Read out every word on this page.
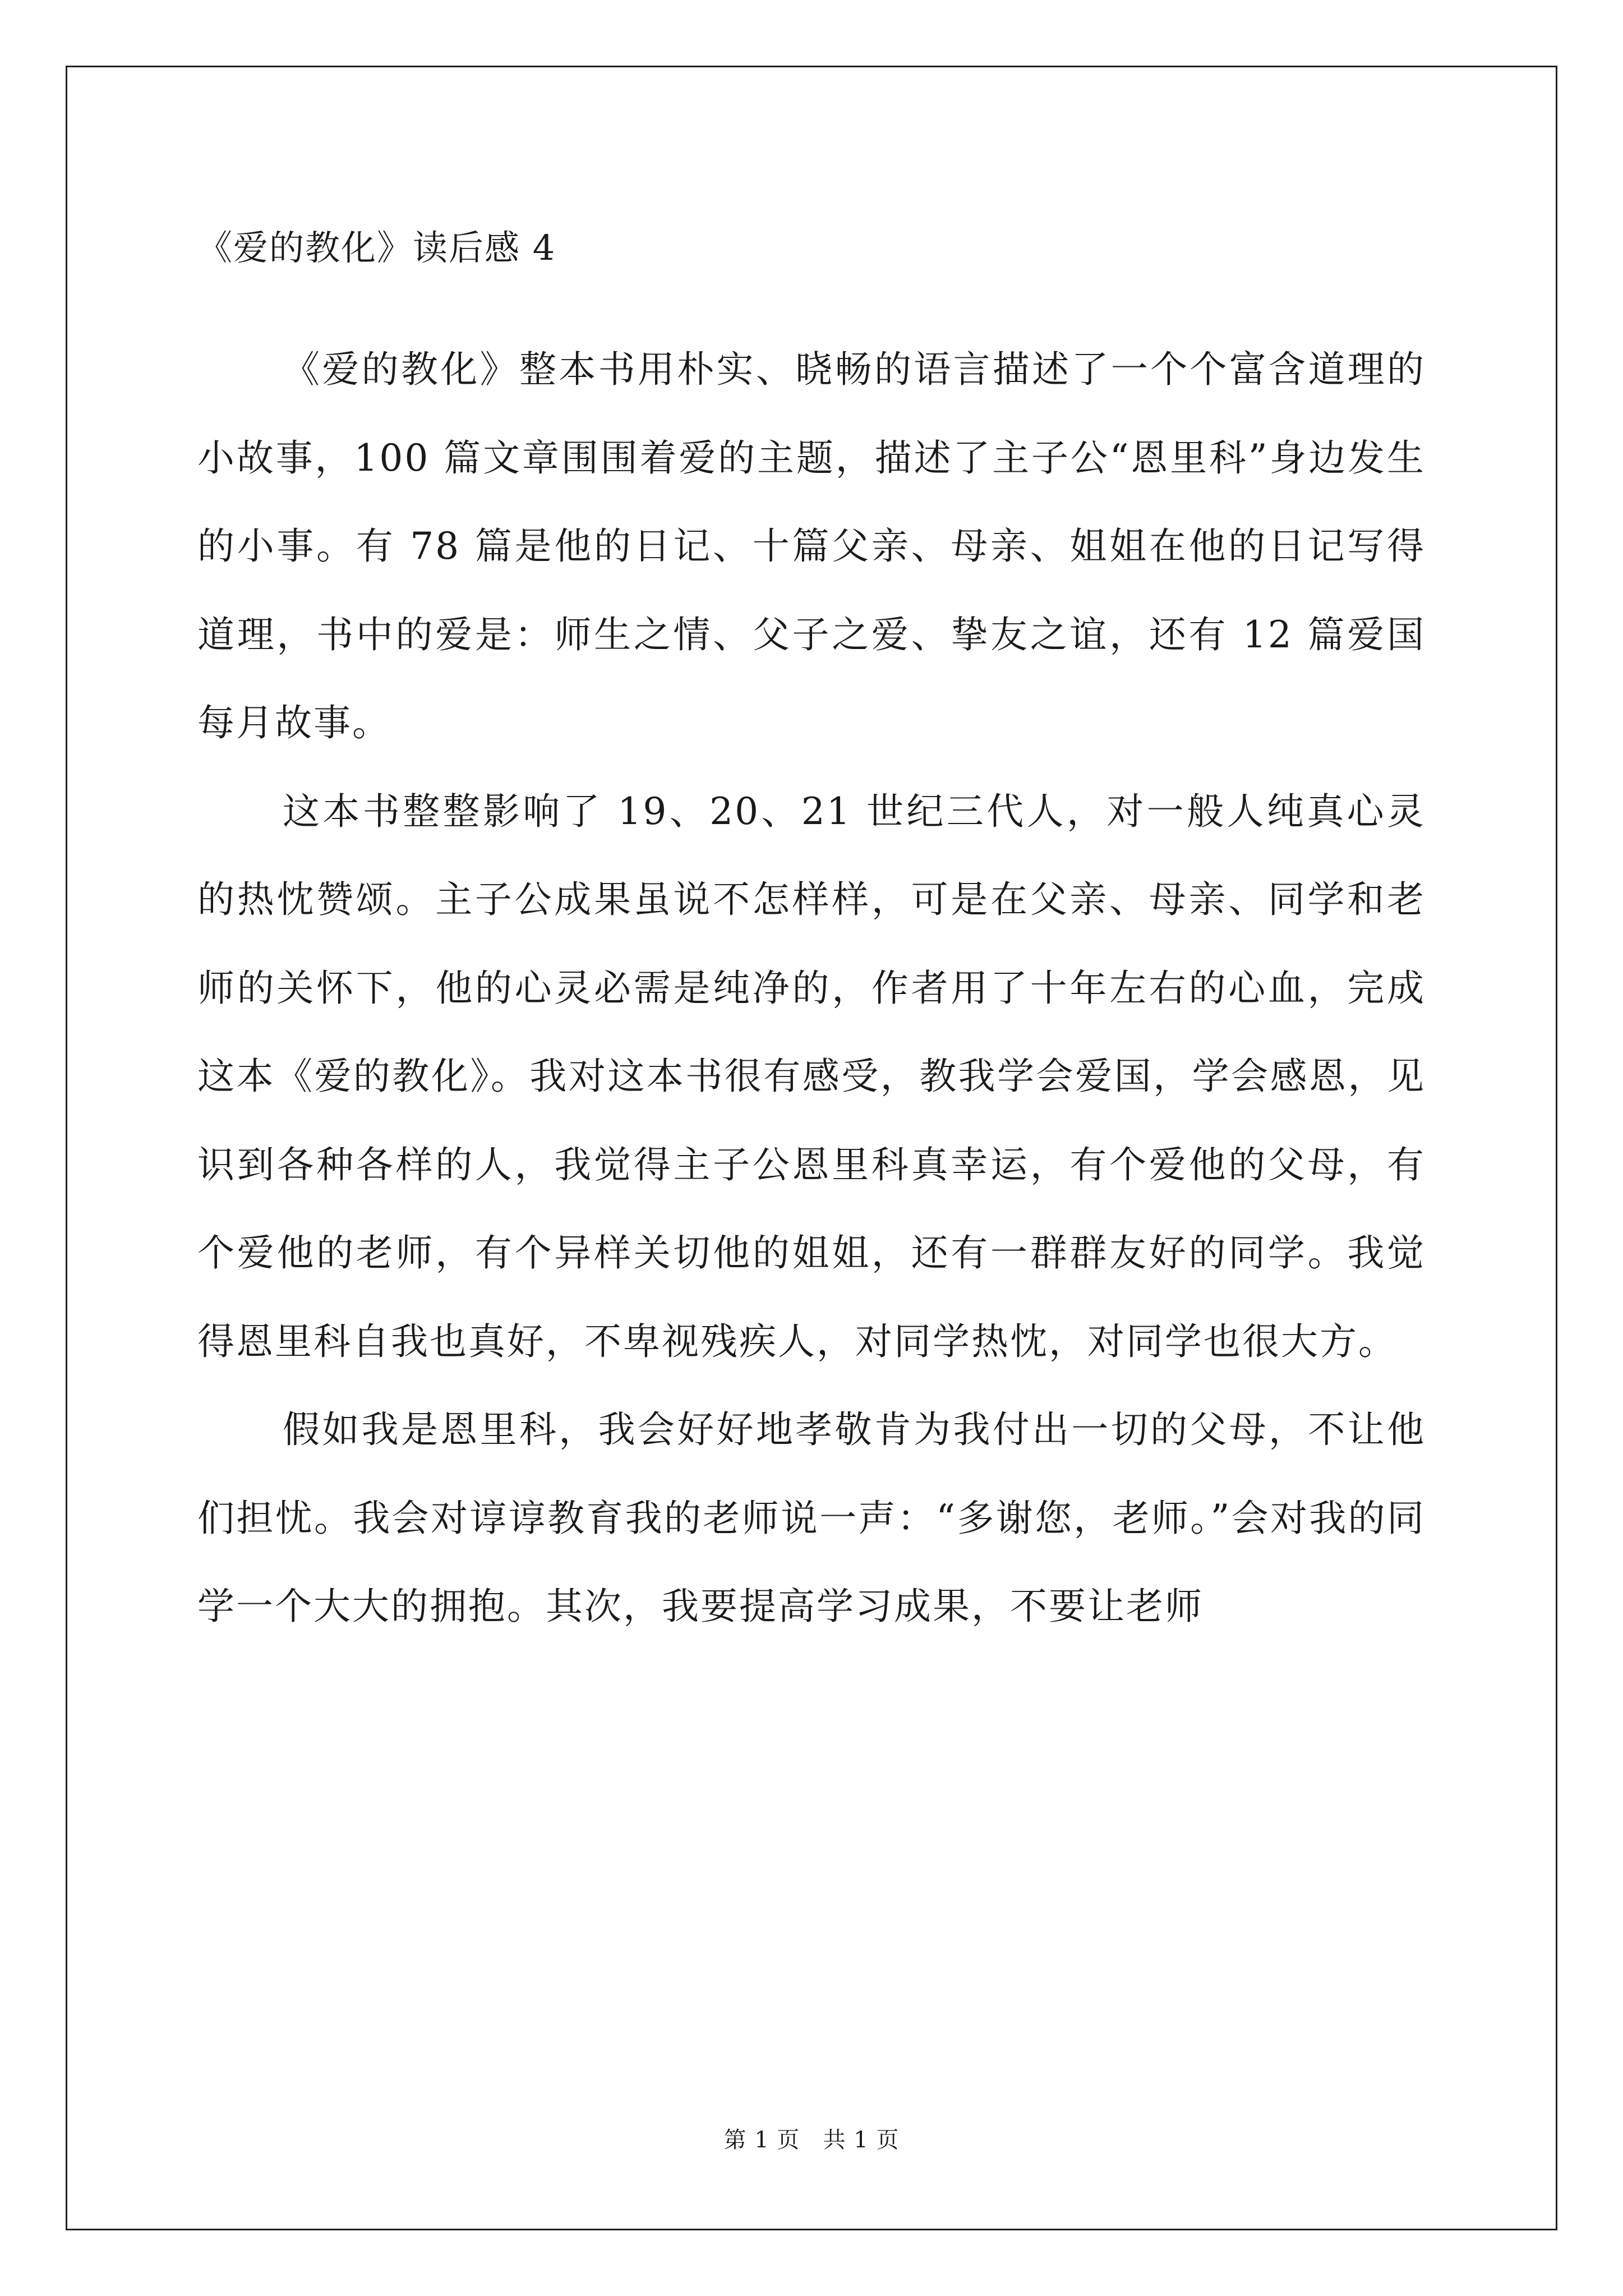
《爱的教化》读后感 4

《爱的教化》整本书用朴实、晓畅的语言描述了一个个富含道理的小故事，100 篇文章围围着爱的主题，描述了主子公“恩里科”身边发生的小事。有 78 篇是他的日记、十篇父亲、母亲、姐姐在他的日记写得道理，书中的爱是：师生之情、父子之爱、挚友之谊，还有 12 篇爱国每月故事。

这本书整整影响了 19、20、21 世纪三代人，对一般人纯真心灵的热忱赞颂。主子公成果虽说不怎样样，可是在父亲、母亲、同学和老师的关怀下，他的心灵必需是纯净的，作者用了十年左右的心血，完成这本《爱的教化》。我对这本书很有感受，教我学会爱国，学会感恩，见识到各种各样的人，我觉得主子公恩里科真幸运，有个爱他的父母，有个爱他的老师，有个异样关切他的姐姐，还有一群群友好的同学。我觉得恩里科自我也真好，不卑视残疾人，对同学热忱，对同学也很大方。

假如我是恩里科，我会好好地孝敬肯为我付出一切的父母，不让他们担忧。我会对谆谆教育我的老师说一声：“多谢您，老师。”会对我的同学一个大大的拥抱。其次，我要提高学习成果，不要让老师

第 1 页 共 1 页
